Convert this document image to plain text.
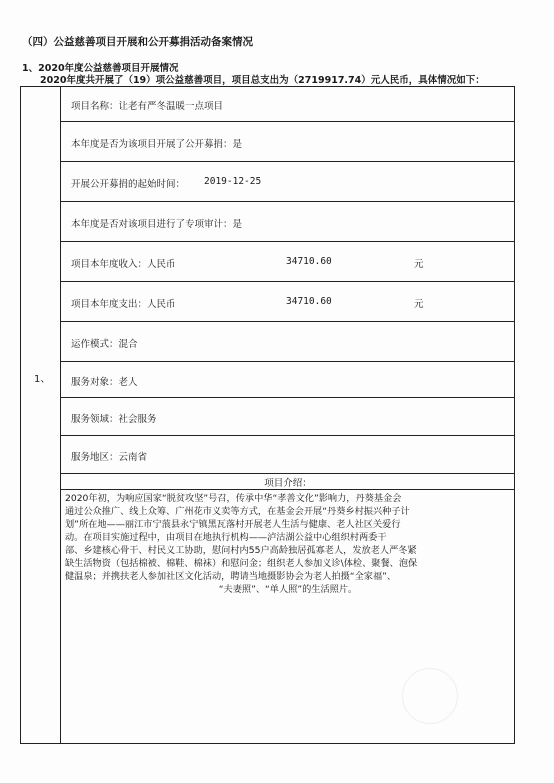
（四）公益慈善项目开展和公开募捐活动备案情况
1、2020年度公益慈善项目开展情况
2020年度共开展了（19）项公益慈善项目，项目总支出为（2719917.74）元人民币，具体情况如下：
1、
项目名称：让老有严冬温暖一点项目
本年度是否为该项目开展了公开募捐：是
开展公开募捐的起始时间： 2019-12-25
本年度是否对该项目进行了专项审计：是
项目本年度收入：人民币	34710.60	元
项目本年度支出：人民币	34710.60	元
运作模式：混合
服务对象：老人
服务领域：社会服务
服务地区：云南省
项目介绍：
2020年初，为响应国家“脱贫攻坚”号召，传承中华“孝善文化”影响力，丹葵基金会
通过公众推广、线上众筹、广州花市义卖等方式，在基金会开展“丹葵乡村振兴种子计
划”所在地——丽江市宁蒗县永宁镇黑瓦落村开展老人生活与健康、老人社区关爱行
动。在项目实施过程中，由项目在地执行机构——泸沽湖公益中心组织村两委干
部、乡建核心骨干、村民义工协助，慰问村内55户高龄独居孤寡老人，发放老人严冬紧
缺生活物资（包括棉被、棉鞋、棉袜）和慰问金；组织老人参加义诊\体检、聚餐、泡保
健温泉；并携扶老人参加社区文化活动，聘请当地摄影协会为老人拍摄“全家福”、
“夫妻照”、“单人照”的生活照片。
